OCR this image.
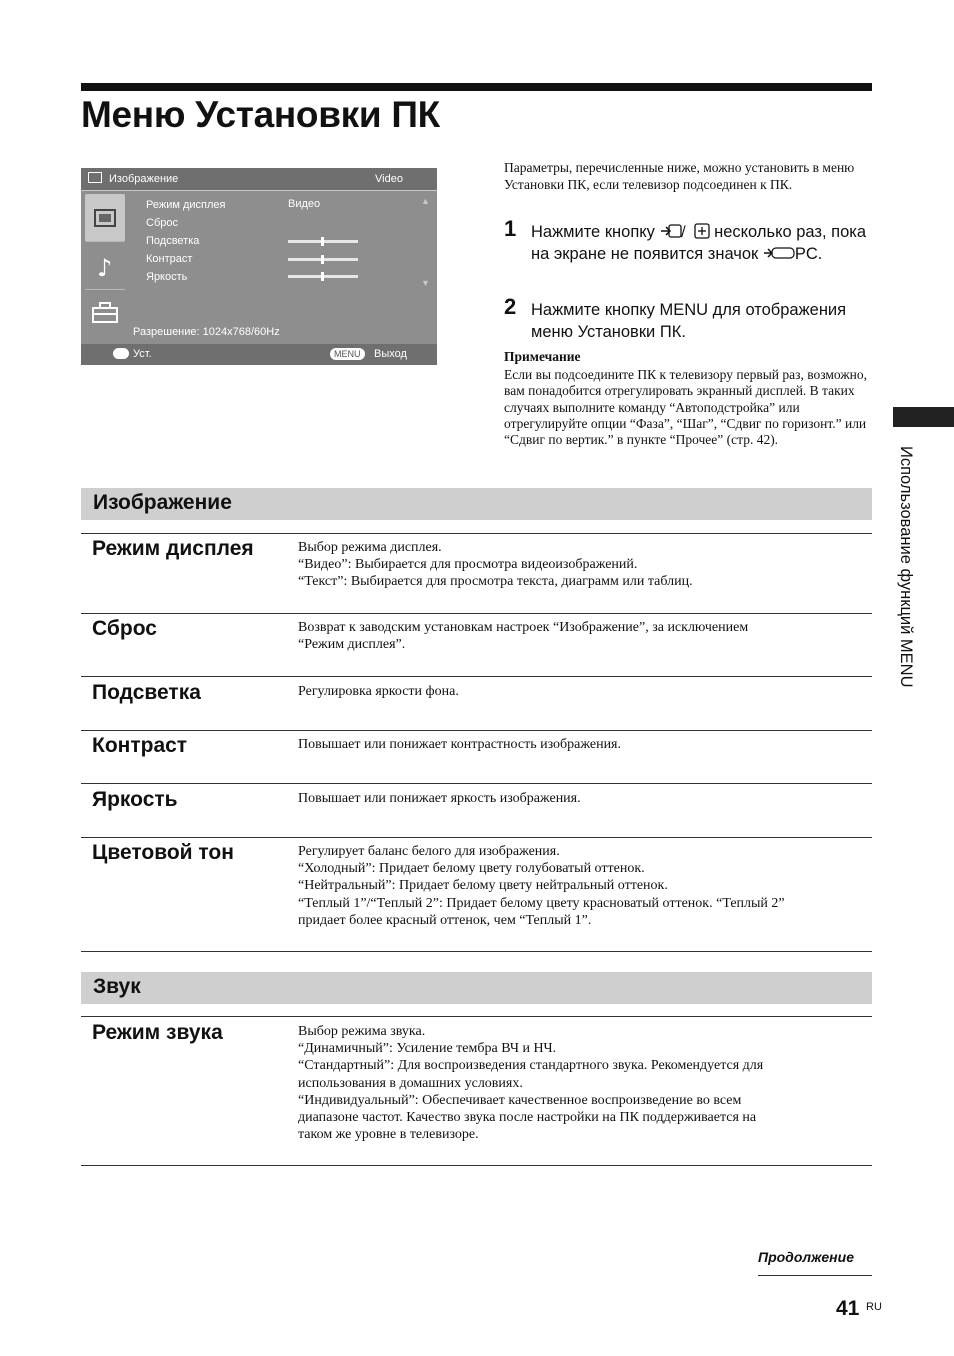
Меню Установки ПК
Изображение	Video
♪
Режим дисплея
Сброс
Подсветка
Контраст
Яркость
Видео	▲
▼
Разрешение: 1024x768/60Hz
Уст.	MENU	Выход
Параметры, перечисленные ниже, можно установить в меню Установки ПК, если телевизор подсоединен к ПК.
1 Нажмите кнопку / несколько раз, пока на экране не появится значок PC.
2 Нажмите кнопку MENU для отображения меню Установки ПК.
Примечание
Если вы подсоедините ПК к телевизору первый раз, возможно, вам понадобится отрегулировать экранный дисплей. В таких случаях выполните команду “Автоподстройка” или отрегулируйте опции “Фаза”, “Шаг”, “Сдвиг по горизонт.” или “Сдвиг по вертик.” в пункте “Прочее” (стр. 42).
Использование функций MENU
Изображение
Режим дисплея	Выбор режима дисплея.
“Видео”: Выбирается для просмотра видеоизображений.
“Текст”: Выбирается для просмотра текста, диаграмм или таблиц.
Сброс	Возврат к заводским установкам настроек “Изображение”, за исключением
“Режим дисплея”.
Подсветка	Регулировка яркости фона.
Контраст	Повышает или понижает контрастность изображения.
Яркость	Повышает или понижает яркость изображения.
Цветовой тон	Регулирует баланс белого для изображения.
“Холодный”: Придает белому цвету голубоватый оттенок.
“Нейтральный”: Придает белому цвету нейтральный оттенок.
“Теплый 1”/“Теплый 2”: Придает белому цвету красноватый оттенок. “Теплый 2”
придает более красный оттенок, чем “Теплый 1”.
Звук
Режим звука	Выбор режима звука.
“Динамичный”: Усиление тембра ВЧ и НЧ.
“Стандартный”: Для воспроизведения стандартного звука. Рекомендуется для
использования в домашних условиях.
“Индивидуальный”: Обеспечивает качественное воспроизведение во всем
диапазоне частот. Качество звука после настройки на ПК поддерживается на
таком же уровне в телевизоре.
Продолжение
41 RU
